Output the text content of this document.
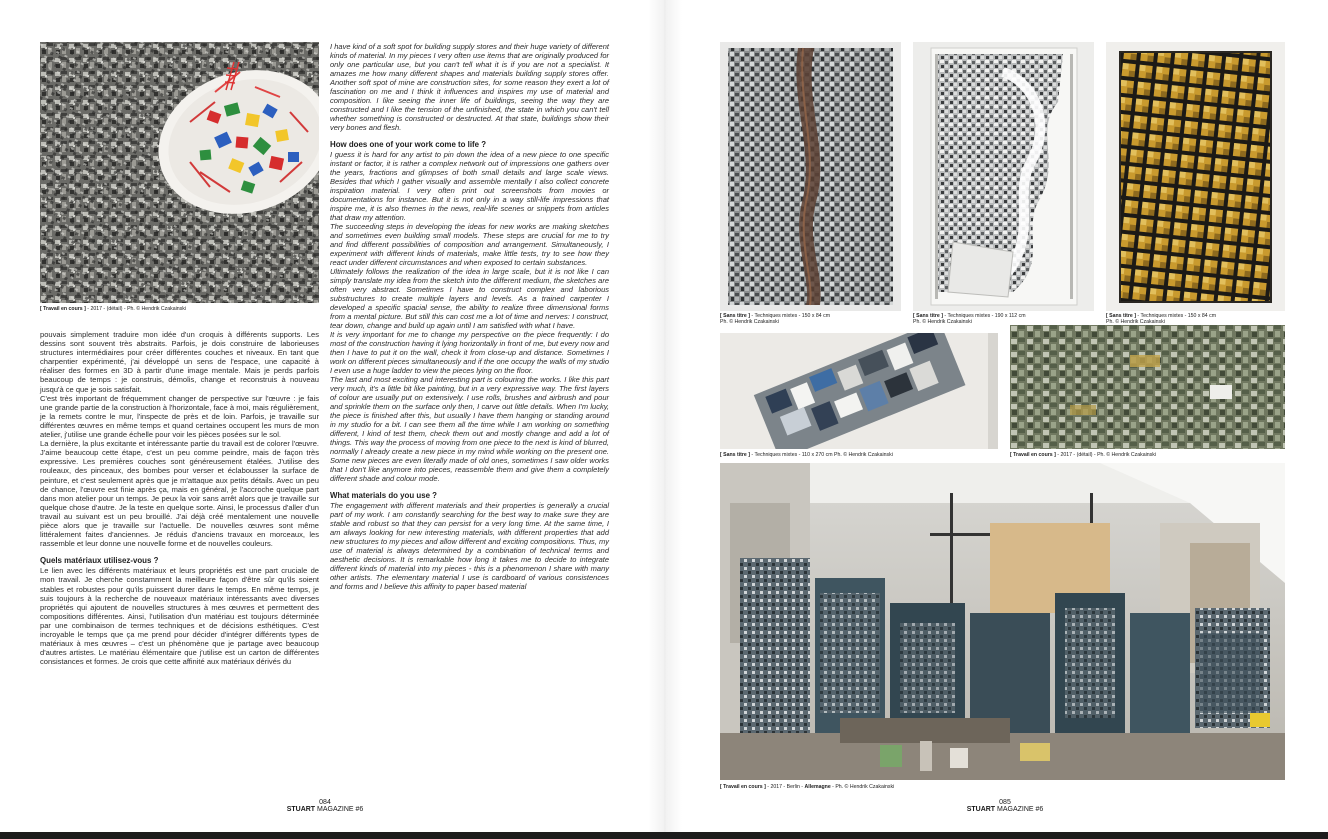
[ Travail en cours ] - 2017 - (détail) - Ph. © Hendrik Czakainski

pouvais simplement traduire mon idée d'un croquis à différents supports. Les dessins sont souvent très abstraits. Parfois, je dois construire de laborieuses structures intermédiaires pour créer différentes couches et niveaux. En tant que charpentier expérimenté, j'ai développé un sens de l'espace, une capacité à réaliser des formes en 3D à partir d'une image mentale. Mais je perds parfois beaucoup de temps : je construis, démolis, change et reconstruis à nouveau jusqu'à ce que je sois satisfait.

C'est très important de fréquemment changer de perspective sur l'œuvre : je fais une grande partie de la construction à l'horizontale, face à moi, mais régulièrement, je la remets contre le mur, l'inspecte de près et de loin. Parfois, je travaille sur différentes œuvres en même temps et quand certaines occupent les murs de mon atelier, j'utilise une grande échelle pour voir les pièces posées sur le sol.

La dernière, la plus excitante et intéressante partie du travail est de colorer l'œuvre. J'aime beaucoup cette étape, c'est un peu comme peindre, mais de façon très expressive. Les premières couches sont généreusement étalées. J'utilise des rouleaux, des pinceaux, des bombes pour verser et éclabousser la surface de peinture, et c'est seulement après que je m'attaque aux petits détails. Avec un peu de chance, l'œuvre est finie après ça, mais en général, je l'accroche quelque part dans mon atelier pour un temps. Je peux la voir sans arrêt alors que je travaille sur quelque chose d'autre. Je la teste en quelque sorte. Ainsi, le processus d'aller d'un travail au suivant est un peu brouillé. J'ai déjà créé mentalement une nouvelle pièce alors que je travaille sur l'actuelle. De nouvelles œuvres sont même littéralement faites d'anciennes. Je réduis d'anciens travaux en morceaux, les rassemble et leur donne une nouvelle forme et de nouvelles couleurs.

Quels matériaux utilisez-vous ?

Le lien avec les différents matériaux et leurs propriétés est une part cruciale de mon travail. Je cherche constamment la meilleure façon d'être sûr qu'ils soient stables et robustes pour qu'ils puissent durer dans le temps. En même temps, je suis toujours à la recherche de nouveaux matériaux intéressants avec diverses propriétés qui ajoutent de nouvelles structures à mes œuvres et permettent des compositions différentes. Ainsi, l'utilisation d'un matériau est toujours déterminée par une combinaison de termes techniques et de décisions esthétiques. C'est incroyable le temps que ça me prend pour décider d'intégrer différents types de matériaux à mes œuvres – c'est un phénomène que je partage avec beaucoup d'autres artistes. Le matériau élémentaire que j'utilise est un carton de différentes consistances et formes. Je crois que cette affinité aux matériaux dérivés du

I have kind of a soft spot for building supply stores and their huge variety of different kinds of material. In my pieces I very often use items that are originally produced for only one particular use, but you can't tell what it is if you are not a specialist. It amazes me how many different shapes and materials building supply stores offer. Another soft spot of mine are construction sites, for some reason they exert a lot of fascination on me and I think it influences and inspires my use of material and composition. I like seeing the inner life of buildings, seeing the way they are constructed and I like the tension of the unfinished, the state in which you can't tell whether something is constructed or destructed. At that state, buildings show their very bones and flesh.

How does one of your work come to life ?

I guess it is hard for any artist to pin down the idea of a new piece to one specific instant or factor, it is rather a complex network out of impressions one gathers over the years, fractions and glimpses of both small details and large scale views. Besides that which I gather visually and assemble mentally I also collect concrete inspiration material. I very often print out screenshots from movies or documentations for instance. But it is not only in a way still-life impressions that inspire me, it is also themes in the news, real-life scenes or snippets from articles that draw my attention.

The succeeding steps in developing the ideas for new works are making sketches and sometimes even building small models. These steps are crucial for me to try and find different possibilities of composition and arrangement. Simultaneously, I experiment with different kinds of materials, make little tests, try to see how they react under different circumstances and when exposed to certain substances.

Ultimately follows the realization of the idea in large scale, but it is not like I can simply translate my idea from the sketch into the different medium, the sketches are often very abstract. Sometimes I have to construct complex and laborious substructures to create multiple layers and levels. As a trained carpenter I developed a specific spacial sense, the ability to realize three dimensional forms from a mental picture. But still this can cost me a lot of time and nerves: I construct, tear down, change and build up again until I am satisfied with what I have.

It is very important for me to change my perspective on the piece frequently: I do most of the construction having it lying horizontally in front of me, but every now and then I have to put it on the wall, check it from close-up and distance. Sometimes I work on different pieces simultaneously and if the one occupy the walls of my studio I even use a huge ladder to view the pieces lying on the floor.

The last and most exciting and interesting part is colouring the works. I like this part very much, it's a little bit like painting, but in a very expressive way. The first layers of colour are usually put on extensively. I use rolls, brushes and airbrush and pour and sprinkle them on the surface only then, I carve out little details. When I'm lucky, the piece is finished after this, but usually I have them hanging or standing around in my studio for a bit. I can see them all the time while I am working on something different, I kind of test them, check them out and mostly change and add a lot of things. This way the process of moving from one piece to the next is kind of blurred, normally I already create a new piece in my mind while working on the present one. Some new pieces are even literally made of old ones, sometimes I saw older works that I don't like anymore into pieces, reassemble them and give them a completely different shade and colour mode.

What materials do you use ?

The engagement with different materials and their properties is generally a crucial part of my work. I am constantly searching for the best way to make sure they are stable and robust so that they can persist for a very long time. At the same time, I am always looking for new interesting materials, with different properties that add new structures to my pieces and allow different and exciting compositions. Thus, my use of material is always determined by a combination of technical terms and aesthetic decisions. It is remarkable how long it takes me to decide to integrate different kinds of material into my pieces - this is a phenomenon I share with many other artists. The elementary material I use is cardboard of various consistences and forms and I believe this affinity to paper based material

084
STUART MAGAZINE #6
[ Sans titre ] - Techniques mixtes - 150 x 84 cm
Ph. © Hendrik Czakainski
[ Sans titre ] - Techniques mixtes - 190 x 112 cm
Ph. © Hendrik Czakainski
[ Sans titre ] - Techniques mixtes - 150 x 84 cm
Ph. © Hendrik Czakainski
[ Sans titre ] - Techniques mixtes - 110 x 270 cm Ph. © Hendrik Czakainski	[ Travail en cours ] - 2017 - (détail) - Ph. © Hendrik Czakainski
[ Travail en cours ] - 2017 - Berlin - Allemagne - Ph. © Hendrik Czakainski
085
STUART MAGAZINE #6
